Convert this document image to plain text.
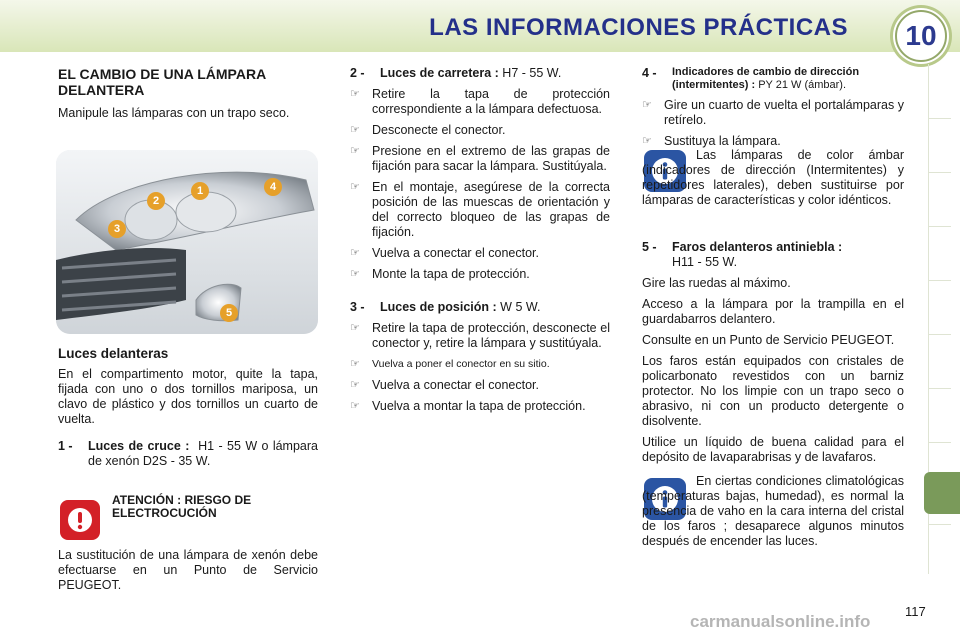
LAS INFORMACIONES PRÁCTICAS 10
EL CAMBIO DE UNA LÁMPARA DELANTERA

Manipule las lámparas con un trapo seco.

2
1	4
3
5
Luces delanteras

En el compartimento motor, quite la tapa, fijada con uno o dos tornillos mariposa, un clavo de plástico y dos tornillos un cuarto de vuelta.

1 -	Luces de cruce : H1 - 55 W o lámpara de xenón D2S - 35 W.
ATENCIÓN : RIESGO DE ELECTROCUCIÓN

La sustitución de una lámpara de xenón debe efectuarse en un Punto de Servicio PEUGEOT.

2 -	Luces de carretera : H7 - 55 W.
☞ Retire la tapa de protección correspondiente a la lámpara defectuosa.
☞ Desconecte el conector.
☞ Presione en el extremo de las grapas de fijación para sacar la lámpara. Sustitúyala.
☞ En el montaje, asegúrese de la correcta posición de las muescas de orientación y del correcto bloqueo de las grapas de fijación.
☞ Vuelva a conectar el conector.
☞ Monte la tapa de protección.
3 -	Luces de posición : W 5 W.
☞ Retire la tapa de protección, desconecte el conector y, retire la lámpara y sustitúyala.
☞	Vuelva a poner el conector en su sitio.
☞ Vuelva a conectar el conector.
☞ Vuelva a montar la tapa de protección.
4 -	Indicadores de cambio de dirección (intermitentes) : PY 21 W (ámbar).
☞ Gire un cuarto de vuelta el portalámparas y retírelo.
☞ Sustituya la lámpara.

Las lámparas de color ámbar (indicadores de dirección (Intermitentes) y repetidores laterales), deben sustituirse por lámparas de características y color idénticos.

5 -	Faros delanteros antiniebla :
H11 - 55 W.

Gire las ruedas al máximo.

Acceso a la lámpara por la trampilla en el guardabarros delantero.

Consulte en un Punto de Servicio PEUGEOT.

Los faros están equipados con cristales de policarbonato revestidos con un barniz protector. No los limpie con un trapo seco o abrasivo, ni con un producto detergente o disolvente.

Utilice un líquido de buena calidad para el depósito de lavaparabrisas y de lavafaros.

En ciertas condiciones climatológicas (temperaturas bajas, humedad), es normal la presencia de vaho en la cara interna del cristal de los faros ; desaparece algunos minutos después de encender las luces.

117
carmanualsonline.info
